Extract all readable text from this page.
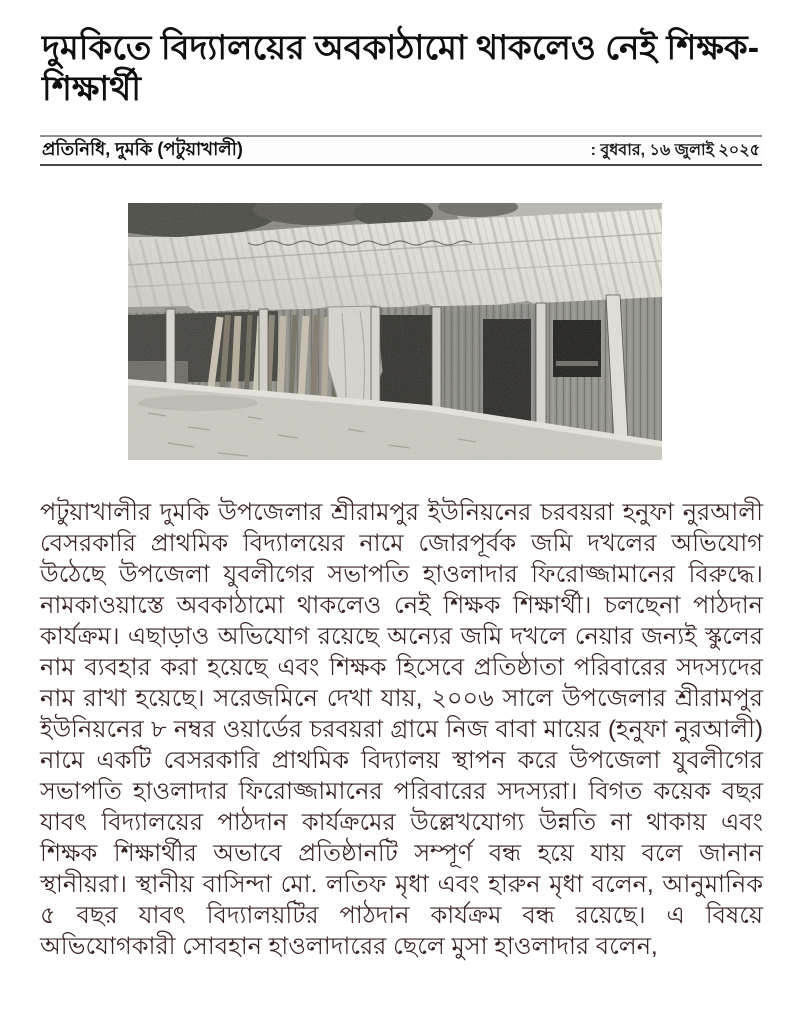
দুমকিতে বিদ্যালয়ের অবকাঠামো থাকলেও নেই শিক্ষক-শিক্ষার্থী
প্রতিনিধি, দুমকি (পটুয়াখালী)	: বুধবার, ১৬ জুলাই ২০২৫

পটুয়াখালীর দুমকি উপজেলার শ্রীরামপুর ইউনিয়নের চরবয়রা হনুফা নুরআলী বেসরকারি প্রাথমিক বিদ্যালয়ের নামে জোরপূর্বক জমি দখলের অভিযোগ উঠেছে উপজেলা যুবলীগের সভাপতি হাওলাদার ফিরোজ্জামানের বিরুদ্ধে। নামকাওয়াস্তে অবকাঠামো থাকলেও নেই শিক্ষক শিক্ষার্থী। চলছেনা পাঠদান কার্যক্রম। এছাড়াও অভিযোগ রয়েছে অন্যের জমি দখলে নেয়ার জন্যই স্কুলের নাম ব্যবহার করা হয়েছে এবং শিক্ষক হিসেবে প্রতিষ্ঠাতা পরিবারের সদস্যদের নাম রাখা হয়েছে। সরেজমিনে দেখা যায়, ২০০৬ সালে উপজেলার শ্রীরামপুর ইউনিয়নের ৮ নম্বর ওয়ার্ডের চরবয়রা গ্রামে নিজ বাবা মায়ের (হনুফা নুরআলী) নামে একটি বেসরকারি প্রাথমিক বিদ্যালয় স্থাপন করে উপজেলা যুবলীগের সভাপতি হাওলাদার ফিরোজ্জামানের পরিবারের সদস্যরা। বিগত কয়েক বছর যাবৎ বিদ্যালয়ের পাঠদান কার্যক্রমের উল্লেখযোগ্য উন্নতি না থাকায় এবং শিক্ষক শিক্ষার্থীর অভাবে প্রতিষ্ঠানটি সম্পূর্ণ বন্ধ হয়ে যায় বলে জানান স্থানীয়রা। স্থানীয় বাসিন্দা মো. লতিফ মৃধা এবং হারুন মৃধা বলেন, আনুমানিক ৫ বছর যাবৎ বিদ্যালয়টির পাঠদান কার্যক্রম বন্ধ রয়েছে। এ বিষয়ে অভিযোগকারী সোবহান হাওলাদারের ছেলে মুসা হাওলাদার বলেন,
